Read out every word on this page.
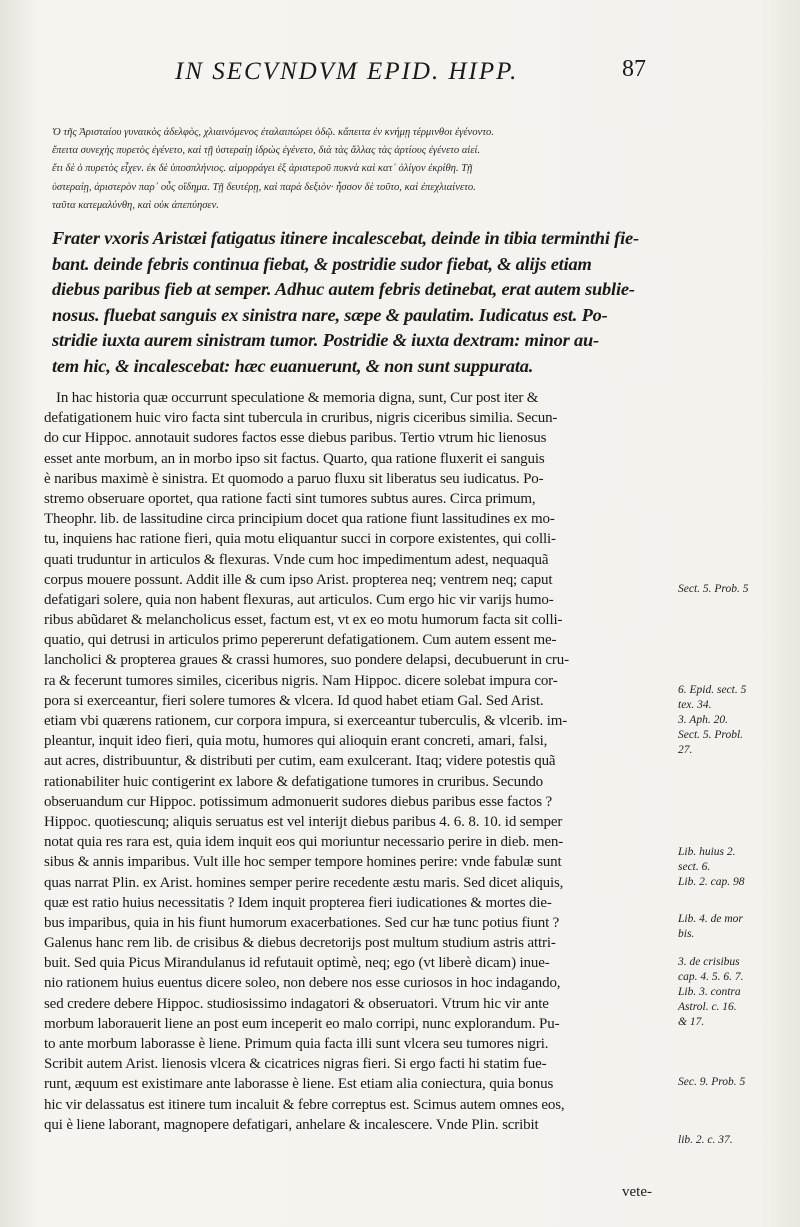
IN SECVNDVM EPID. HIPP.	87
Ὁ τῆς Ἀρισταίου γυναικὸς ἀδελφὸς, χλιαινόμενος ἐταλαιπώρει ὁδῷ. κἄπειτα ἐν κνήμῃ τέρμινθοι ἐγένοντο.
ἔπειτα συνεχὴς πυρετὸς ἐγένετο, καὶ τῇ ὑστεραίῃ ἱδρὼς ἐγένετο, διὰ τὰς ἄλλας τὰς ἀρτίους ἐγένετο αἰεί.
ἔτι δὲ ὁ πυρετὸς εἶχεν. ἐκ δὲ ὑποσπλήνιος. αἱμορράγει ἐξ ἀριστεροῦ πυκνὰ καὶ κατ᾽ ὀλίγον ἐκρίθη. Τῇ
ὑστεραίῃ, ἀριστερὸν παρ᾽ οὖς οἴδημα. Τῇ δευτέρῃ, καὶ παρὰ δεξιὸν· ἧσσον δὲ τοῦτο, καὶ ἐπεχλιαίνετο.
ταῦτα κατεμαλύνθη, καὶ οὐκ ἀπεπύησεν.
Frater vxoris Aristæi fatigatus itinere incalescebat, deinde in tibia terminthi fie-
bant. deinde febris continua fiebat, & postridie sudor fiebat, & alijs etiam
diebus paribus fieb at semper. Adhuc autem febris detinebat, erat autem sublie-
nosus. fluebat sanguis ex sinistra nare, sæpe & paulatim. Iudicatus est. Po-
stridie iuxta aurem sinistram tumor. Postridie & iuxta dextram: minor au-
tem hic, & incalescebat: hæc euanuerunt, & non sunt suppurata.
In hac historia quæ occurrunt speculatione & memoria digna, sunt, Cur post iter &
defatigationem huic viro facta sint tubercula in cruribus, nigris ciceribus similia. Secun-
do cur Hippoc. annotauit sudores factos esse diebus paribus. Tertio vtrum hic lienosus
esset ante morbum, an in morbo ipso sit factus. Quarto, qua ratione fluxerit ei sanguis
è naribus maximè è sinistra. Et quomodo a paruo fluxu sit liberatus seu iudicatus. Po-
stremo obseruare oportet, qua ratione facti sint tumores subtus aures. Circa primum,
Theophr. lib. de lassitudine circa principium docet qua ratione fiunt lassitudines ex mo-
tu, inquiens hac ratione fieri, quia motu eliquantur succi in corpore existentes, qui colli-
quati truduntur in articulos & flexuras. Vnde cum hoc impedimentum adest, nequaquã
corpus mouere possunt. Addit ille & cum ipso Arist. propterea neq; ventrem neq; caput
defatigari solere, quia non habent flexuras, aut articulos. Cum ergo hic vir varijs humo-
ribus abũdaret & melancholicus esset, factum est, vt ex eo motu humorum facta sit colli-
quatio, qui detrusi in articulos primo pepererunt defatigationem. Cum autem essent me-
lancholici & propterea graues & crassi humores, suo pondere delapsi, decubuerunt in cru-
ra & fecerunt tumores similes, ciceribus nigris. Nam Hippoc. dicere solebat impura cor-
pora si exerceantur, fieri solere tumores & vlcera. Id quod habet etiam Gal. Sed Arist.
etiam vbi quærens rationem, cur corpora impura, si exerceantur tuberculis, & vlcerib. im-
pleantur, inquit ideo fieri, quia motu, humores qui alioquin erant concreti, amari, falsi,
aut acres, distribuuntur, & distributi per cutim, eam exulcerant. Itaq; videre potestis quã
rationabiliter huic contigerint ex labore & defatigatione tumores in cruribus. Secundo
obseruandum cur Hippoc. potissimum admonuerit sudores diebus paribus esse factos ?
Hippoc. quotiescunq; aliquis seruatus est vel interijt diebus paribus 4. 6. 8. 10. id semper
notat quia res rara est, quia idem inquit eos qui moriuntur necessario perire in dieb. men-
sibus & annis imparibus. Vult ille hoc semper tempore homines perire: vnde fabulæ sunt
quas narrat Plin. ex Arist. homines semper perire recedente æstu maris. Sed dicet aliquis,
quæ est ratio huius necessitatis ? Idem inquit propterea fieri iudicationes & mortes die-
bus imparibus, quia in his fiunt humorum exacerbationes. Sed cur hæ tunc potius fiunt ?
Galenus hanc rem lib. de crisibus & diebus decretorijs post multum studium astris attri-
buit. Sed quia Picus Mirandulanus id refutauit optimè, neq; ego (vt liberè dicam) inue-
nio rationem huius euentus dicere soleo, non debere nos esse curiosos in hoc indagando,
sed credere debere Hippoc. studiosissimo indagatori & obseruatori. Vtrum hic vir ante
morbum laborauerit liene an post eum inceperit eo malo corripi, nunc explorandum. Pu-
to ante morbum laborasse è liene. Primum quia facta illi sunt vlcera seu tumores nigri.
Scribit autem Arist. lienosis vlcera & cicatrices nigras fieri. Si ergo facti hi statim fue-
runt, æquum est existimare ante laborasse è liene. Est etiam alia coniectura, quia bonus
hic vir delassatus est itinere tum incaluit & febre correptus est. Scimus autem omnes eos,
qui è liene laborant, magnopere defatigari, anhelare & incalescere. Vnde Plin. scribit
vete-
Sect. 5. Prob. 5
6. Epid. sect. 5
tex. 34.
3. Aph. 20.
Sect. 5. Probl.
27.
Lib. huius 2.
sect. 6.
Lib. 2. cap. 98
Lib. 4. de mor
bis.
3. de crisibus
cap. 4. 5. 6. 7.
Lib. 3. contra
Astrol. c. 16.
& 17.
Sec. 9. Prob. 5
lib. 2. c. 37.
